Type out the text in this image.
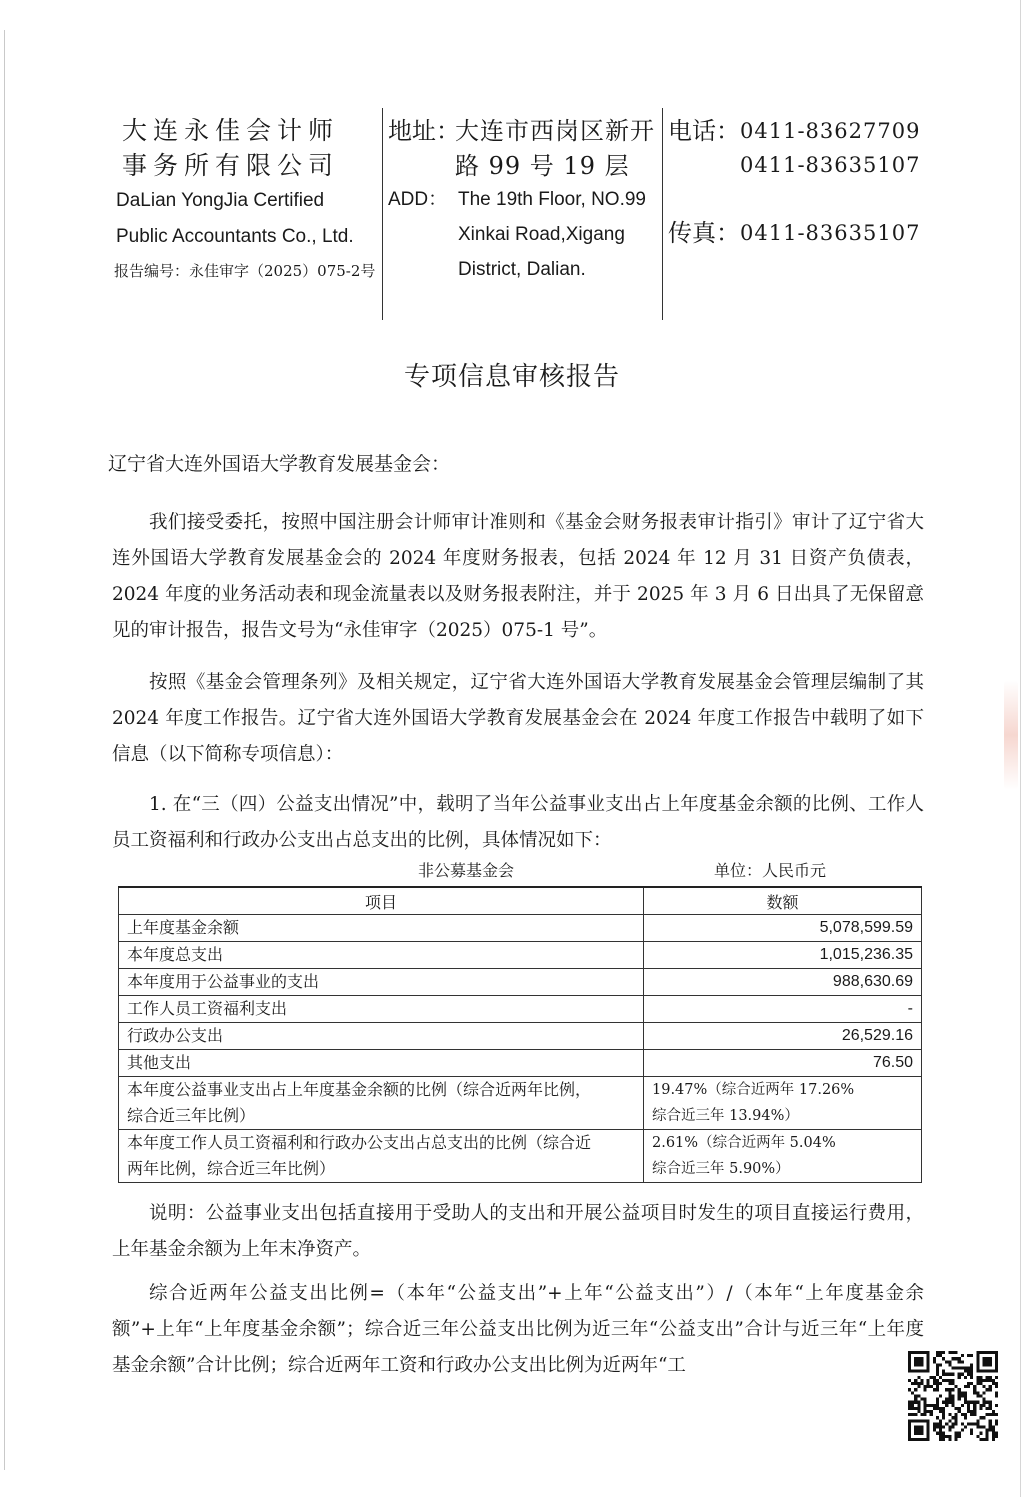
大连永佳会计师
事务所有限公司
DaLian YongJia Certified
Public Accountants Co., Ltd.
报告编号：永佳审字（2025）075-2号
地址：
大连市西岗区新开
路 99 号 19 层
ADD： The 19th Floor, NO.99
Xinkai Road,Xigang
District, Dalian.
电话： 0411-83627709
0411-83635107
传真： 0411-83635107
专项信息审核报告
辽宁省大连外国语大学教育发展基金会：

我们接受委托，按照中国注册会计师审计准则和《基金会财务报表审计指引》审计了辽宁省大连外国语大学教育发展基金会的 2024 年度财务报表，包括 2024 年 12 月 31 日资产负债表，2024 年度的业务活动表和现金流量表以及财务报表附注，并于 2025 年 3 月 6 日出具了无保留意见的审计报告，报告文号为“永佳审字（2025）075-1 号”。

按照《基金会管理条列》及相关规定，辽宁省大连外国语大学教育发展基金会管理层编制了其 2024 年度工作报告。辽宁省大连外国语大学教育发展基金会在 2024 年度工作报告中载明了如下信息（以下简称专项信息）：

1. 在“三（四）公益支出情况”中，载明了当年公益事业支出占上年度基金余额的比例、工作人员工资福利和行政办公支出占总支出的比例，具体情况如下：

非公募基金会	单位：人民币元
项目	数额
上年度基金余额	5,078,599.59
本年度总支出	1,015,236.35
本年度用于公益事业的支出	988,630.69
工作人员工资福利支出	-
行政办公支出	26,529.16
其他支出	76.50
本年度公益事业支出占上年度基金余额的比例（综合近两年比例，
综合近三年比例）	19.47%（综合近两年 17.26%
综合近三年 13.94%）
本年度工作人员工资福利和行政办公支出占总支出的比例（综合近
两年比例，综合近三年比例）	2.61%（综合近两年 5.04%
综合近三年 5.90%）

说明：公益事业支出包括直接用于受助人的支出和开展公益项目时发生的项目直接运行费用，上年基金余额为上年末净资产。

综合近两年公益支出比例=（本年“公益支出”+上年“公益支出”）/（本年“上年度基金余额”+上年“上年度基金余额”；综合近三年公益支出比例为近三年“公益支出”合计与近三年“上年度基金余额”合计比例；综合近两年工资和行政办公支出比例为近两年“工
